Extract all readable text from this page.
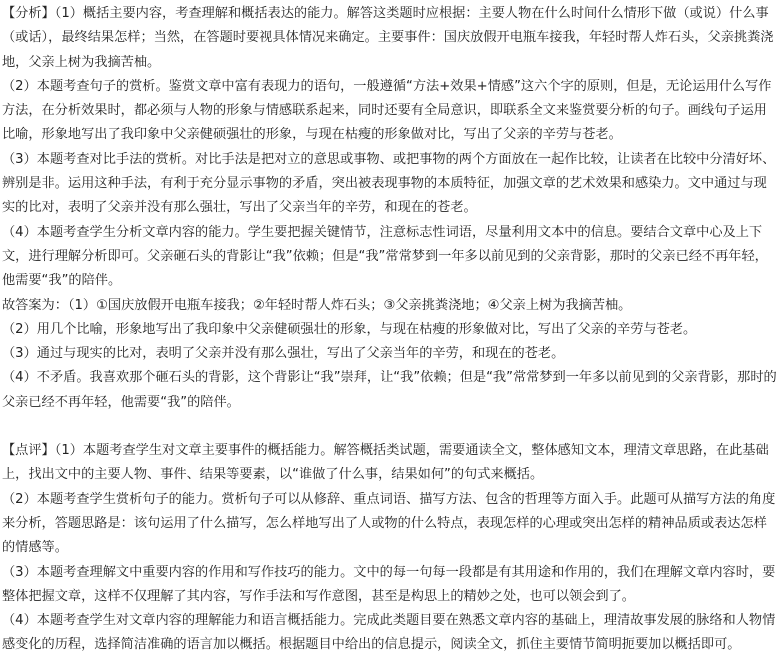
【分析】（1）概括主要内容，考查理解和概括表达的能力。解答这类题时应根据：主要人物在什么时间什么情形下做（或说）什么事（或话），最终结果怎样；当然，在答题时要视具体情况来确定。主要事件：国庆放假开电瓶车接我，年轻时帮人炸石头，父亲挑粪浇地，父亲上树为我摘苦柚。

（2）本题考查句子的赏析。鉴赏文章中富有表现力的语句，一般遵循“方法+效果+情感”这六个字的原则，但是，无论运用什么写作方法，在分析效果时，都必须与人物的形象与情感联系起来，同时还要有全局意识，即联系全文来鉴赏要分析的句子。画线句子运用比喻，形象地写出了我印象中父亲健硕强壮的形象，与现在枯瘦的形象做对比，写出了父亲的辛劳与苍老。

（3）本题考查对比手法的赏析。对比手法是把对立的意思或事物、或把事物的两个方面放在一起作比较，让读者在比较中分清好坏、辨别是非。运用这种手法，有利于充分显示事物的矛盾，突出被表现事物的本质特征，加强文章的艺术效果和感染力。文中通过与现实的比对，表明了父亲并没有那么强壮，写出了父亲当年的辛劳，和现在的苍老。

（4）本题考查学生分析文章内容的能力。学生要把握关键情节，注意标志性词语，尽量利用文本中的信息。要结合文章中心及上下文，进行理解分析即可。父亲砸石头的背影让“我”依赖；但是“我”常常梦到一年多以前见到的父亲背影，那时的父亲已经不再年轻，他需要“我”的陪伴。

故答案为：（1）①国庆放假开电瓶车接我；②年轻时帮人炸石头；③父亲挑粪浇地；④父亲上树为我摘苦柚。

（2）用几个比喻，形象地写出了我印象中父亲健硕强壮的形象，与现在枯瘦的形象做对比，写出了父亲的辛劳与苍老。

（3）通过与现实的比对，表明了父亲并没有那么强壮，写出了父亲当年的辛劳，和现在的苍老。

（4）不矛盾。我喜欢那个砸石头的背影，这个背影让“我”崇拜，让“我”依赖；但是“我”常常梦到一年多以前见到的父亲背影，那时的父亲已经不再年轻，他需要“我”的陪伴。

【点评】（1）本题考查学生对文章主要事件的概括能力。解答概括类试题，需要通读全文，整体感知文本，理清文章思路，在此基础上，找出文中的主要人物、事件、结果等要素，以“谁做了什么事，结果如何”的句式来概括。

（2）本题考查学生赏析句子的能力。赏析句子可以从修辞、重点词语、描写方法、包含的哲理等方面入手。此题可从描写方法的角度来分析，答题思路是：该句运用了什么描写，怎么样地写出了人或物的什么特点，表现怎样的心理或突出怎样的精神品质或表达怎样的情感等。

（3）本题考查理解文中重要内容的作用和写作技巧的能力。文中的每一句每一段都是有其用途和作用的，我们在理解文章内容时，要整体把握文章，这样不仅理解了其内容，写作手法和写作意图，甚至是构思上的精妙之处，也可以领会到了。

（4）本题考查学生对文章内容的理解能力和语言概括能力。完成此类题目要在熟悉文章内容的基础上，理清故事发展的脉络和人物情感变化的历程，选择简洁准确的语言加以概括。根据题目中给出的信息提示，阅读全文，抓住主要情节简明扼要加以概括即可。
